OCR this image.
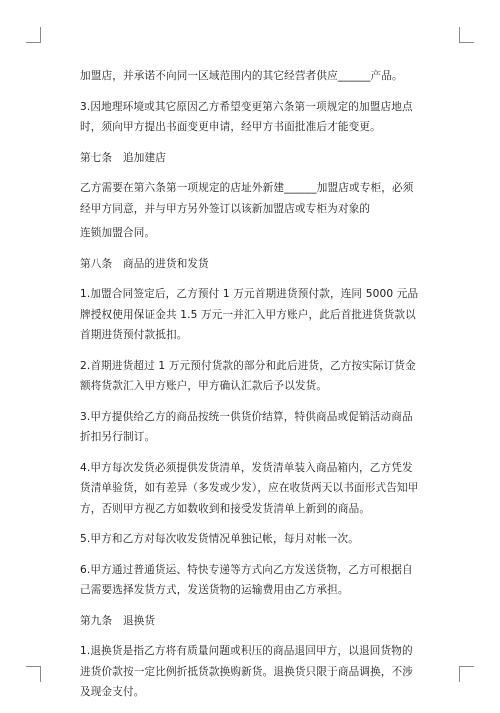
加盟店，并承诺不向同一区域范围内的其它经营者供应______产品。

3.因地理环境或其它原因乙方希望变更第六条第一项规定的加盟店地点时，须向甲方提出书面变更申请，经甲方书面批准后才能变更。

第七条　追加建店

乙方需要在第六条第一项规定的店址外新建______加盟店或专柜，必须经甲方同意，并与甲方另外签订以该新加盟店或专柜为对象的

连锁加盟合同。

第八条　商品的进货和发货

1.加盟合同签定后，乙方预付 1 万元首期进货预付款，连同 5000 元品牌授权使用保证金共 1.5 万元一并汇入甲方账户，此后首批进货货款以首期进货预付款抵扣。

2.首期进货超过 1 万元预付货款的部分和此后进货，乙方按实际订货金额将货款汇入甲方账户，甲方确认汇款后予以发货。

3.甲方提供给乙方的商品按统一供货价结算，特供商品或促销活动商品折扣另行制订。

4.甲方每次发货必须提供发货清单，发货清单装入商品箱内，乙方凭发货清单验货，如有差异（多发或少发），应在收货两天以书面形式告知甲方，否则甲方视乙方如数收到和接受发货清单上新到的商品。

5.甲方和乙方对每次收发货情况单独记帐，每月对帐一次。

6.甲方通过普通货运、特快专递等方式向乙方发送货物，乙方可根据自己需要选择发货方式，发送货物的运输费用由乙方承担。

第九条　退换货

1.退换货是指乙方将有质量问题或积压的商品退回甲方，以退回货物的进货价款按一定比例折抵货款换购新货。退换货只限于商品调换，不涉及现金支付。
